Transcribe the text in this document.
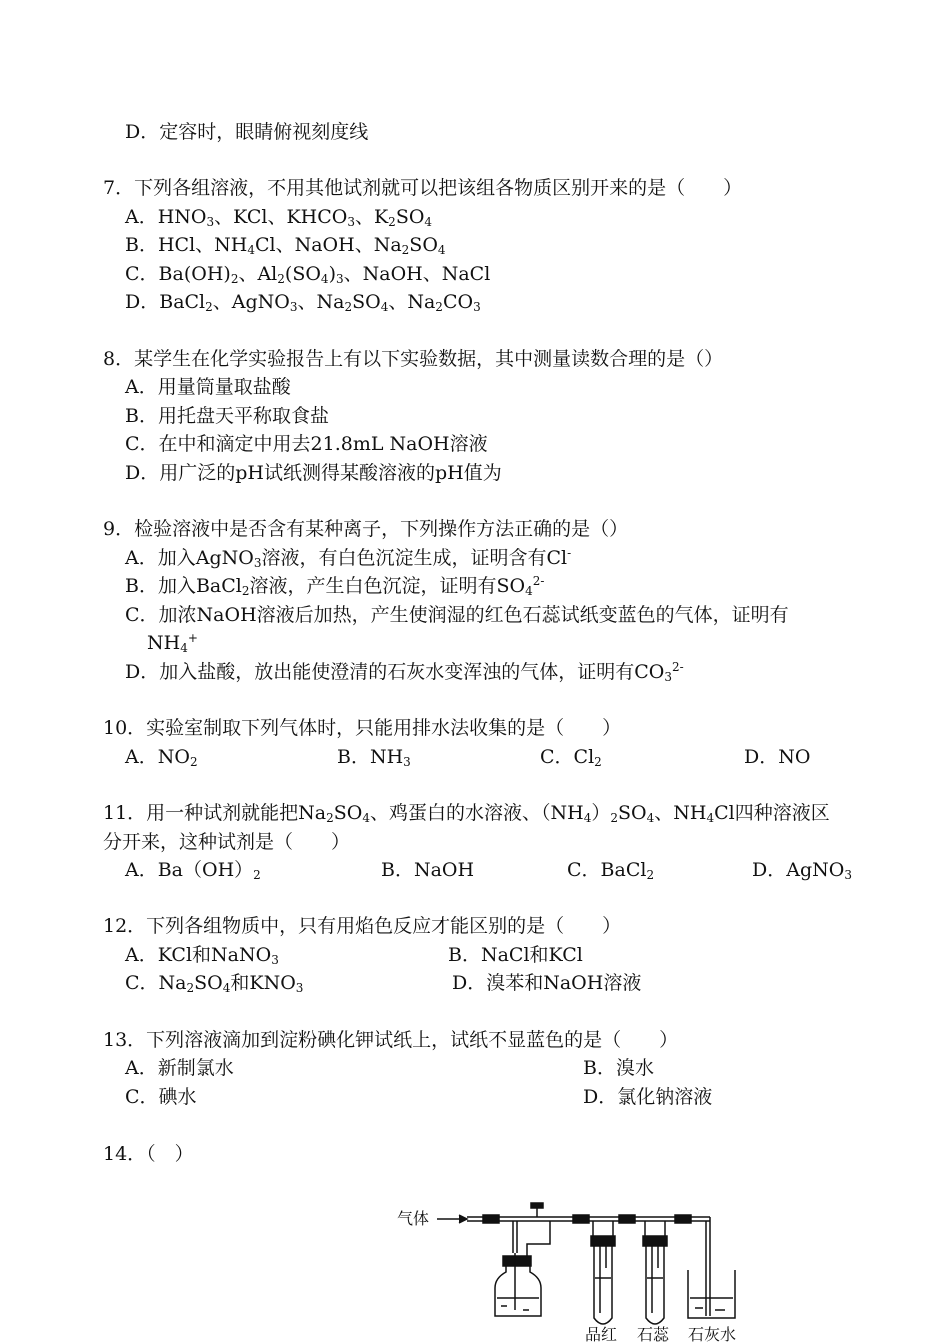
D．定容时，眼睛俯视刻度线
7．下列各组溶液，不用其他试剂就可以把该组各物质区别开来的是（　　）
A．$HNO_3$、KCl、$KHCO_3$、$K_2SO_4$
B．HCl、$NH_4Cl$、NaOH、$Na_2SO_4$
C．$Ba(OH)_2$、$Al_2(SO_4)_3$、NaOH、NaCl
D．BaCl$_2$、AgNO$_3$、$Na_2SO_4$、$Na_2CO_3$
8．某学生在化学实验报告上有以下实验数据，其中测量读数合理的是（）
A．用量筒量取盐酸
B．用托盘天平称取食盐
C．在中和滴定中用去21.8mL NaOH溶液
D．用广泛的pH试纸测得某酸溶液的pH值为
9．检验溶液中是否含有某种离子，下列操作方法正确的是（）
A．加入AgNO$_3$溶液，有白色沉淀生成，证明含有Cl-
B．加入BaCl$_2$溶液，产生白色沉淀，证明有$SO_4^{2-}$
C．加浓NaOH溶液后加热，产生使润湿的红色石蕊试纸变蓝色的气体，证明有
$NH_4^+$
D．加入盐酸，放出能使澄清的石灰水变浑浊的气体，证明有$CO_3^{2-}$
10．实验室制取下列气体时，只能用排水法收集的是（　　）
A．$NO_2$	B．$NH_3$	C．$Cl_2$	D．NO
11．用一种试剂就能把$Na_2SO_4$、鸡蛋白的水溶液、$(NH_4)_2SO_4$、$NH_4Cl$四种溶液区
分开来，这种试剂是（　　）
A．$Ba(OH)_2$	B．NaOH	C．BaCl$_2$	D．AgNO$_3$
12．下列各组物质中，只有用焰色反应才能区别的是（　　）
A．KCl和NaNO$_3$	B．NaCl和KCl
C．$Na_2SO_4$和$KNO_3$	D．溴苯和NaOH溶液
13．下列溶液滴加到淀粉碘化钾试纸上，试纸不显蓝色的是（　　）
A．新制氯水	B．溴水
C．碘水	D．氯化钠溶液
14．（　）
气体
品红 石蕊 石灰水
